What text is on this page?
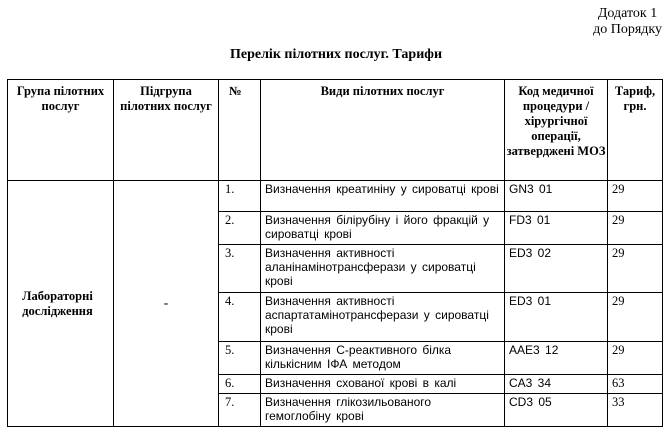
Додаток 1
до Порядку
Перелік пілотних послуг. Тарифи
Група пілотних послуг	Підгрупа пілотних послуг	№	Види пілотних послуг	Код медичної процедури / хірургічної операції, затверджені МОЗ	Тариф, грн.
Лабораторні дослідження	-	1.	Визначення креатиніну у сироватці крові	GN3 01	29
		2.	Визначення білірубіну і його фракцій у сироватці крові	FD3 01	29
		3.	Визначення активності аланінамінотрансферази у сироватці крові	ED3 02	29
		4.	Визначення активності аспартатамінотрансферази у сироватці крові	ED3 01	29
		5.	Визначення С-реактивного білка кількісним ІФА методом	AAE3 12	29
		6.	Визначення схованої крові в калі	CA3 34	63
		7.	Визначення глікозильованого гемоглобіну крові	CD3 05	33
